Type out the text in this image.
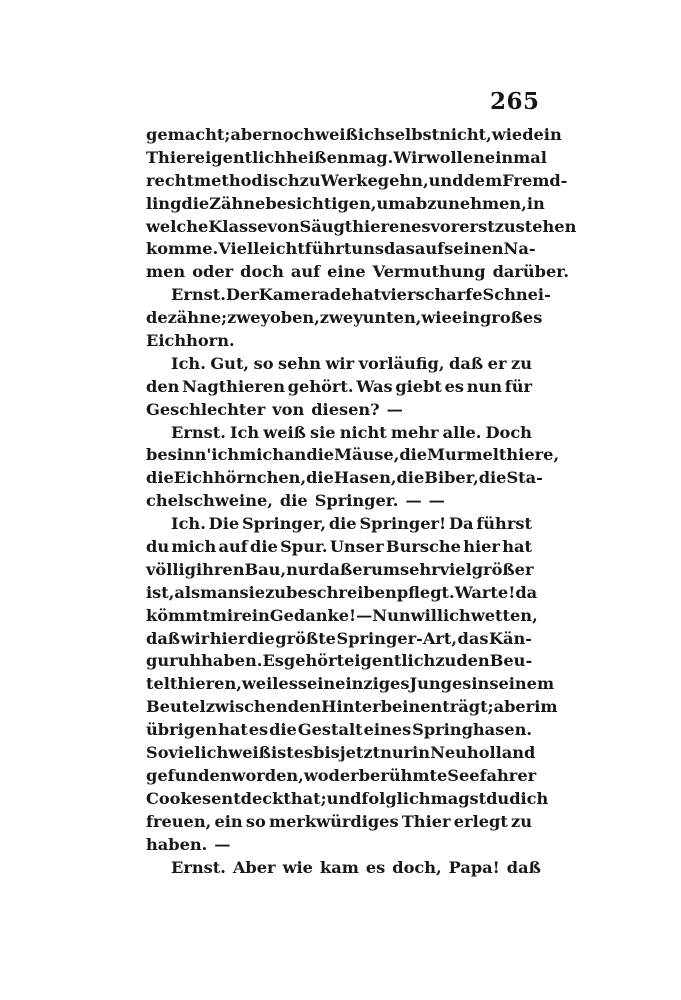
265
gemacht; aber noch weiß ich selbst nicht, wie dein
Thier eigentlich heißen mag. Wir wollen einmal
recht methodisch zu Werke gehn, und dem Fremd-
ling die Zähne besichtigen, um abzunehmen, in
welche Klasse von Säugthieren es vorerst zu stehen
komme. Vielleicht führt uns das auf seinen Na-
men oder doch auf eine Vermuthung darüber.
Ernst. Der Kamerade hat vier scharfe Schnei-
dezähne; zwey oben, zwey unten, wie ein großes
Eichhorn.
Ich. Gut, so sehn wir vorläufig, daß er zu
den Nagthieren gehört. Was giebt es nun für
Geschlechter von diesen? —
Ernst. Ich weiß sie nicht mehr alle. Doch
besinn' ich mich an die Mäuse, die Murmelthiere,
die Eichhörnchen, die Hasen, die Biber, die Sta-
chelschweine, die Springer. — —
Ich. Die Springer, die Springer! Da führst
du mich auf die Spur. Unser Bursche hier hat
völlig ihren Bau, nur daß er um sehr viel größer
ist, als man sie zu beschreiben pflegt. Warte! da
kömmt mir ein Gedanke! — Nun will ich wetten,
daß wir hier die größte Springer-Art, das Kän-
guruh haben. Es gehört eigentlich zu den Beu-
telthieren, weil es sein einziges Junges in seinem
Beutel zwischen den Hinterbeinen trägt; aber im
übrigen hat es die Gestalt eines Springhasen.
So viel ich weiß ist es bis jetzt nur in Neuholland
gefunden worden, wo der berühmte Seefahrer
Cook es entdeckt hat; und folglich magst du dich
freuen, ein so merkwürdiges Thier erlegt zu
haben. —
Ernst. Aber wie kam es doch, Papa! daß
